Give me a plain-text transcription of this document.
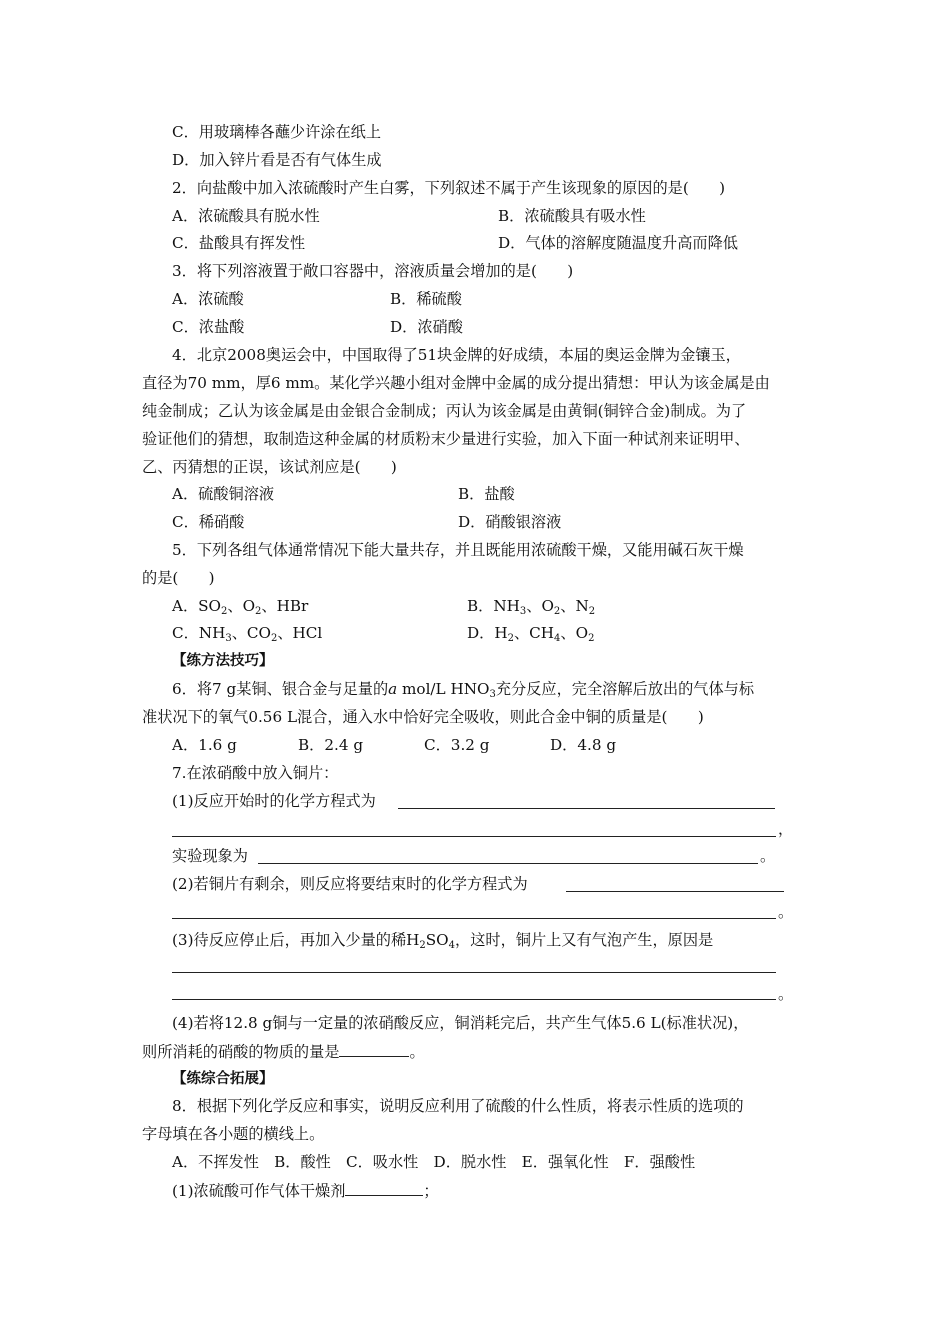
C．用玻璃棒各蘸少许涂在纸上
D．加入锌片看是否有气体生成
2．向盐酸中加入浓硫酸时产生白雾，下列叙述不属于产生该现象的原因的是(　　)
A．浓硫酸具有脱水性	B．浓硫酸具有吸水性
C．盐酸具有挥发性	D．气体的溶解度随温度升高而降低
3．将下列溶液置于敞口容器中，溶液质量会增加的是(　　)
A．浓硫酸	B．稀硫酸
C．浓盐酸	D．浓硝酸
4．北京2008奥运会中，中国取得了51块金牌的好成绩，本届的奥运金牌为金镶玉，
直径为70 mm，厚6 mm。某化学兴趣小组对金牌中金属的成分提出猜想：甲认为该金属是由
纯金制成；乙认为该金属是由金银合金制成；丙认为该金属是由黄铜(铜锌合金)制成。为了
验证他们的猜想，取制造这种金属的材质粉末少量进行实验，加入下面一种试剂来证明甲、
乙、丙猜想的正误，该试剂应是(　　)
A．硫酸铜溶液	B．盐酸
C．稀硝酸	D．硝酸银溶液
5．下列各组气体通常情况下能大量共存，并且既能用浓硫酸干燥，又能用碱石灰干燥
的是(　　)
A．$SO_2$、$O_2$、HBr	B．$NH_3$、$O_2$、$N_2$
C．$NH_3$、$CO_2$、HCl	D．$H_2$、$CH_4$、$O_2$
【练方法技巧】
6．将7 g某铜、银合金与足量的a mol/L $HNO_3$充分反应，完全溶解后放出的气体与标
准状况下的氧气0.56 L混合，通入水中恰好完全吸收，则此合金中铜的质量是(　　)
A．1.6 g	B．2.4 g	C．3.2 g	D．4.8 g
7.在浓硝酸中放入铜片：
(1)反应开始时的化学方程式为
，
实验现象为	。
(2)若铜片有剩余，则反应将要结束时的化学方程式为
。
(3)待反应停止后，再加入少量的稀$H_2SO_4$，这时，铜片上又有气泡产生，原因是
。
(4)若将12.8 g铜与一定量的浓硝酸反应，铜消耗完后，共产生气体5.6 L(标准状况)，
则所消耗的硝酸的物质的量是	。
【练综合拓展】
8．根据下列化学反应和事实，说明反应利用了硫酸的什么性质，将表示性质的选项的
字母填在各小题的横线上。
A．不挥发性　B．酸性　C．吸水性　D．脱水性　E．强氧化性　F．强酸性
(1)浓硫酸可作气体干燥剂	；
